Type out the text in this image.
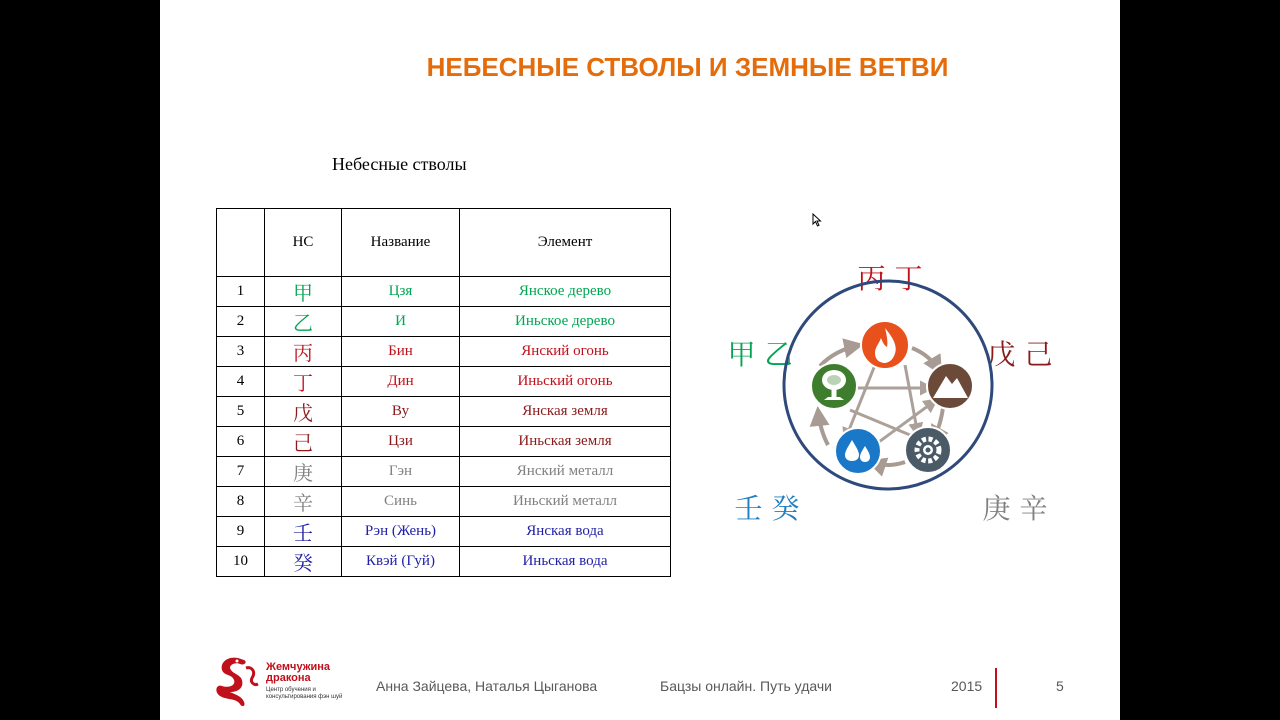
НЕБЕСНЫЕ СТВОЛЫ И ЗЕМНЫЕ ВЕТВИ
Небесные стволы
	НС	Название	Элемент
1	甲	Цзя	Янское дерево
2	乙	И	Иньское дерево
3	丙	Бин	Янский огонь
4	丁	Дин	Иньский огонь
5	戊	Ву	Янская земля
6	己	Цзи	Иньская земля
7	庚	Гэн	Янский металл
8	辛	Синь	Иньский металл
9	壬	Рэн (Жень)	Янская вода
10	癸	Квэй (Гуй)	Иньская вода
丙 丁
甲 乙	戊 己
壬 癸	庚 辛
Жемчужина дракона
Центр обучения и консультирования фэн шуй
Анна Зайцева, Наталья Цыганова	Бацзы онлайн. Путь удачи	2015	5
